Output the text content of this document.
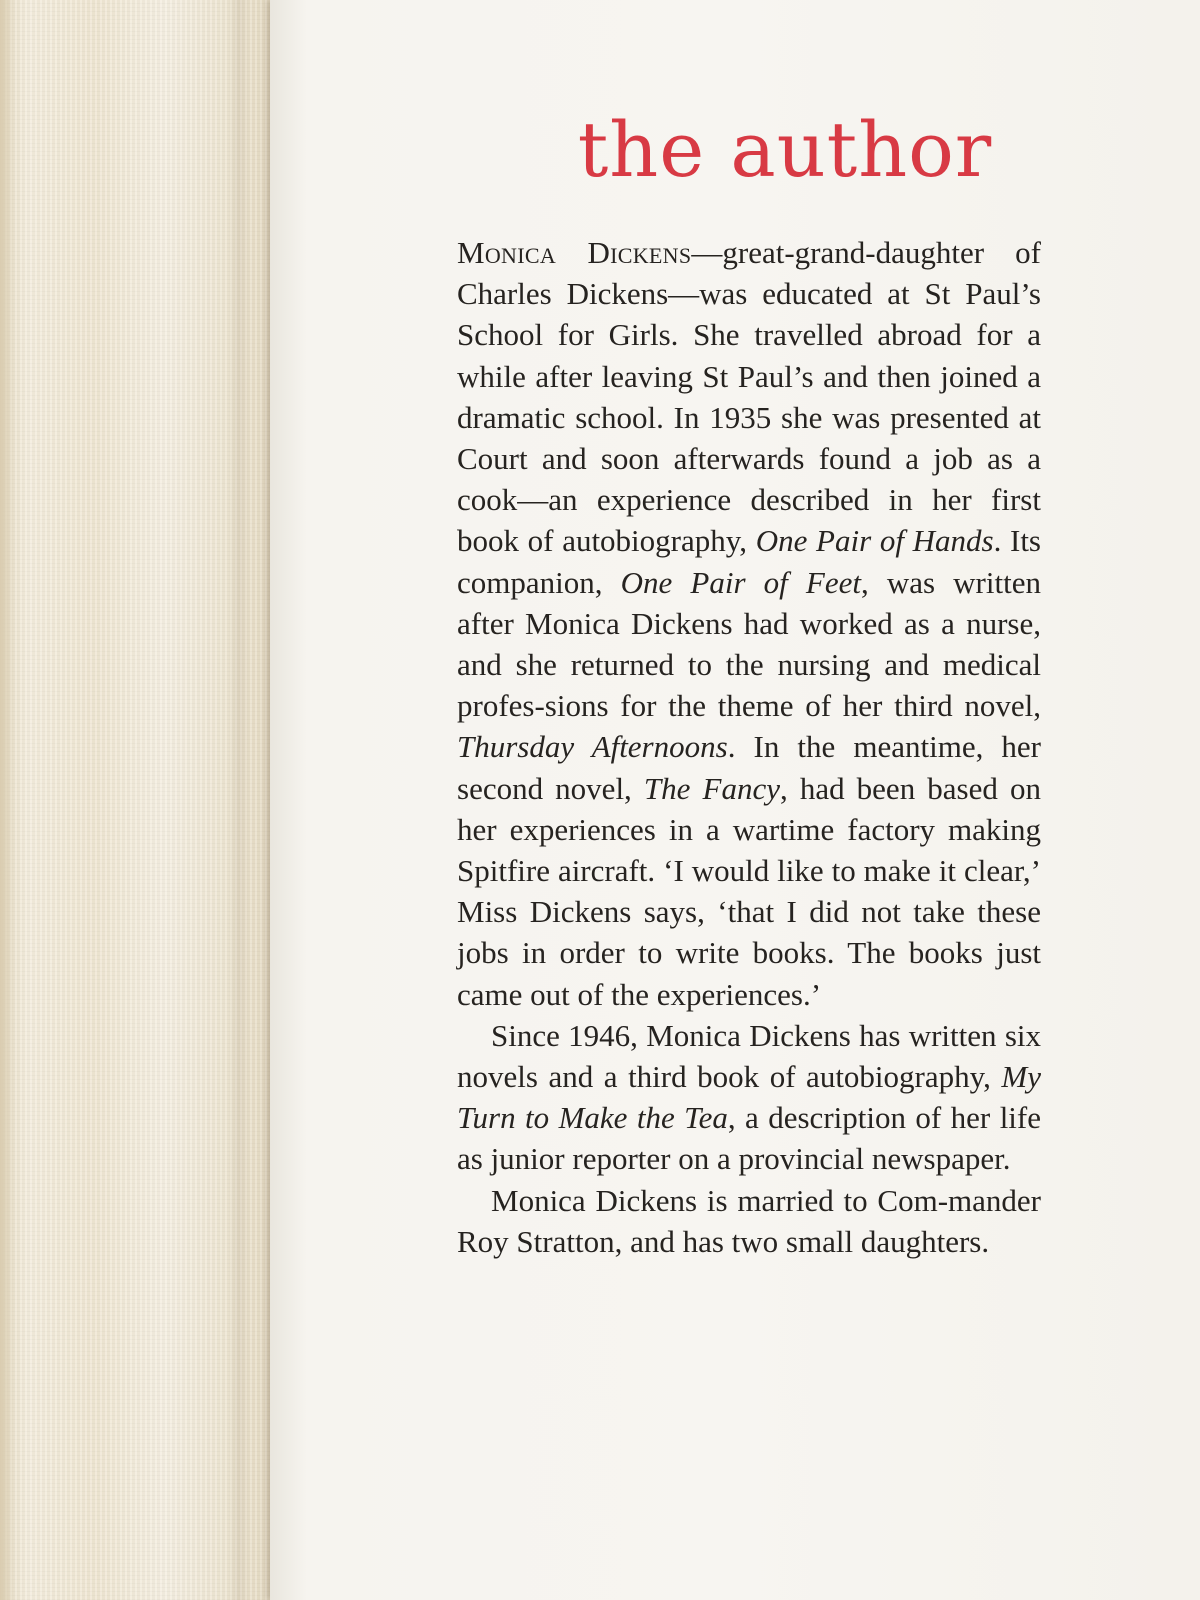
the author

Monica Dickens—great-grand-daughter of Charles Dickens—was educated at St Paul’s School for Girls. She travelled abroad for a while after leaving St Paul’s and then joined a dramatic school. In 1935 she was presented at Court and soon afterwards found a job as a cook—an experience described in her first book of autobiography, One Pair of Hands. Its companion, One Pair of Feet, was written after Monica Dickens had worked as a nurse, and she returned to the nursing and medical profes-sions for the theme of her third novel, Thursday Afternoons. In the meantime, her second novel, The Fancy, had been based on her experiences in a wartime factory making Spitfire aircraft. ‘I would like to make it clear,’ Miss Dickens says, ‘that I did not take these jobs in order to write books. The books just came out of the experiences.’

Since 1946, Monica Dickens has written six novels and a third book of autobiography, My Turn to Make the Tea, a description of her life as junior reporter on a provincial newspaper.

Monica Dickens is married to Com-mander Roy Stratton, and has two small daughters.
